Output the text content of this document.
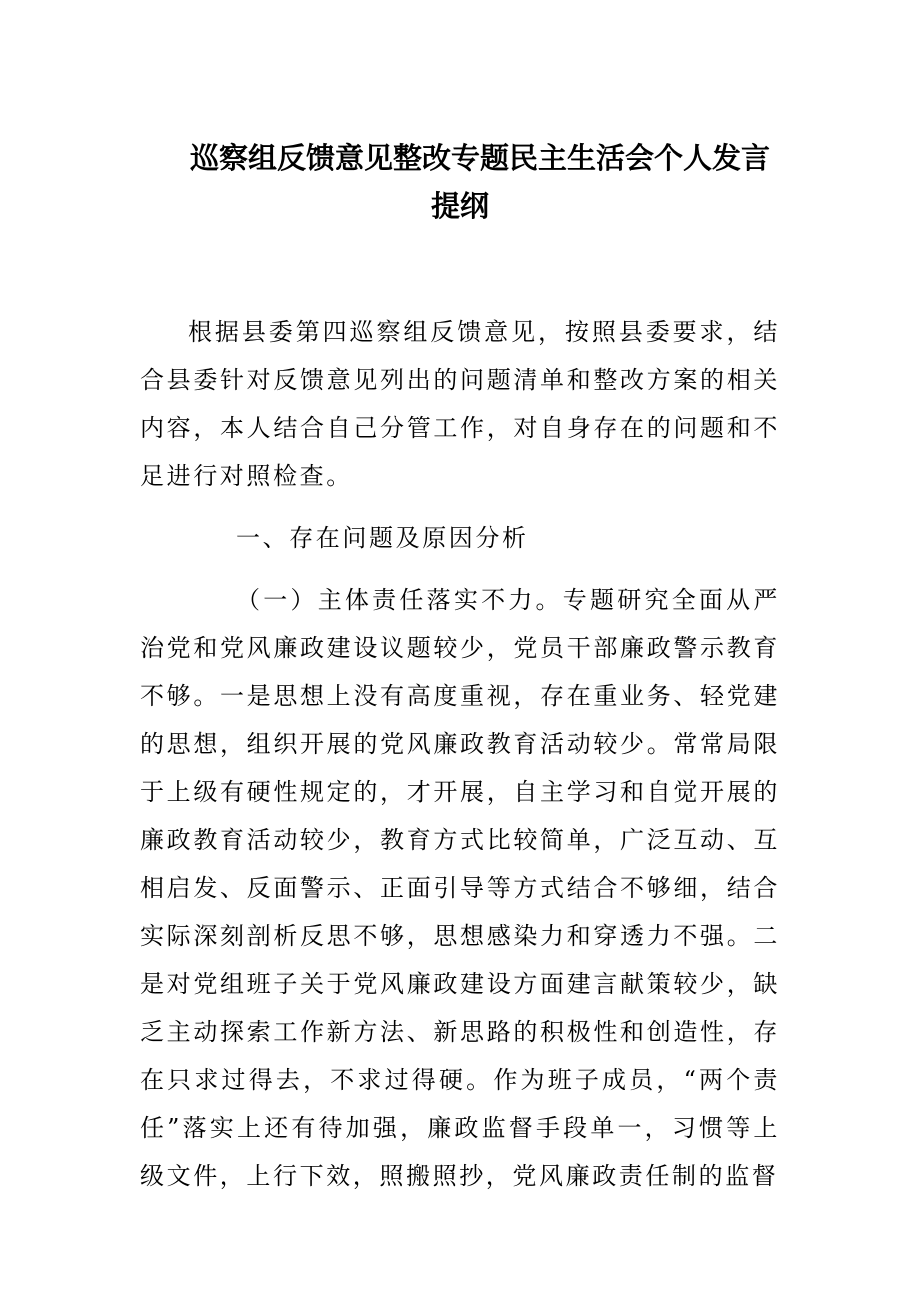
巡察组反馈意见整改专题民主生活会个人发言
提纲

根据县委第四巡察组反馈意见，按照县委要求，结合县委针对反馈意见列出的问题清单和整改方案的相关内容，本人结合自己分管工作，对自身存在的问题和不足进行对照检查。

一、存在问题及原因分析

（一）主体责任落实不力。专题研究全面从严治党和党风廉政建设议题较少，党员干部廉政警示教育不够。一是思想上没有高度重视，存在重业务、轻党建的思想，组织开展的党风廉政教育活动较少。常常局限于上级有硬性规定的，才开展，自主学习和自觉开展的廉政教育活动较少，教育方式比较简单，广泛互动、互相启发、反面警示、正面引导等方式结合不够细，结合实际深刻剖析反思不够，思想感染力和穿透力不强。二是对党组班子关于党风廉政建设方面建言献策较少，缺乏主动探索工作新方法、新思路的积极性和创造性，存在只求过得去，不求过得硬。作为班子成员，“两个责任”落实上还有待加强，廉政监督手段单一，习惯等上级文件，上行下效，照搬照抄，党风廉政责任制的监督
